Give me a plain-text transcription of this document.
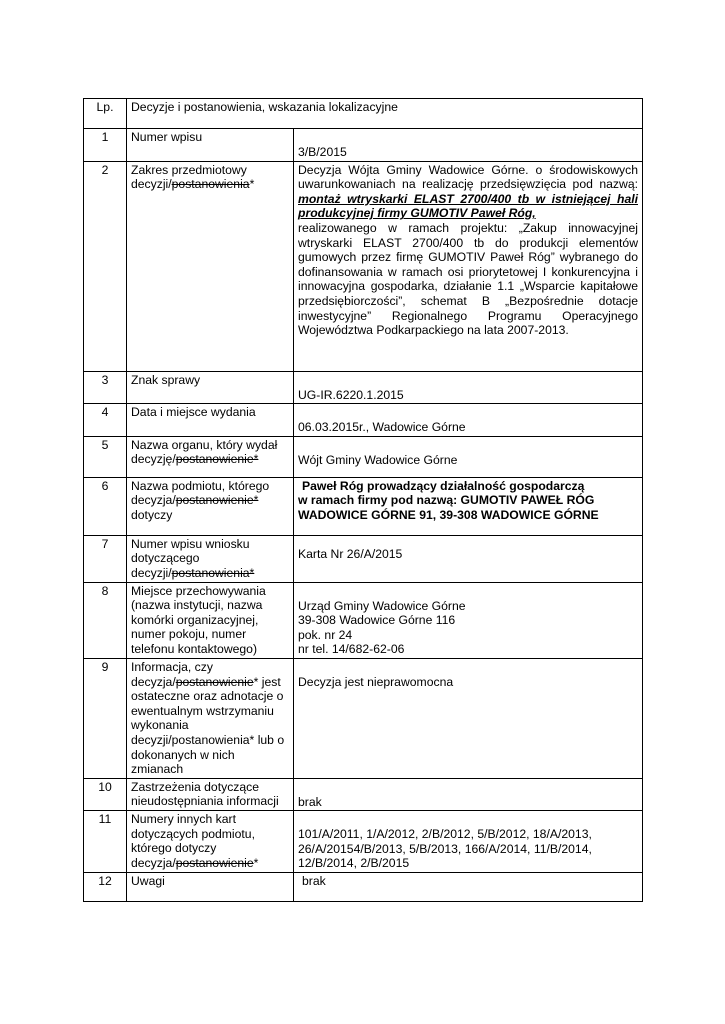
Lp.	Decyzje i postanowienia, wskazania lokalizacyjne	
1	Numer wpisu	3/B/2015

2	Zakres przedmiotowy decyzji/postanowienia*	Decyzja Wójta Gminy Wadowice Górne. o środowiskowych uwarunkowaniach na realizację przedsięwzięcia pod nazwą: montaż wtryskarki ELAST 2700/400 tb w istniejącej hali produkcyjnej firmy GUMOTIV Paweł Róg,
realizowanego w ramach projektu: „Zakup innowacyjnej wtryskarki ELAST 2700/400 tb do produkcji elementów gumowych przez firmę GUMOTIV Paweł Róg” wybranego do dofinansowania w ramach osi priorytetowej I konkurencyjna i innowacyjna gospodarka, działanie 1.1 „Wsparcie kapitałowe przedsiębiorczości”, schemat B „Bezpośrednie dotacje inwestycyjne” Regionalnego Programu Operacyjnego Województwa Podkarpackiego na lata 2007-2013.

3	Znak sprawy	UG-IR.6220.1.2015

4	Data i miejsce wydania	06.03.2015r., Wadowice Górne

5	Nazwa organu, który wydał decyzję/postanowienie*	Wójt Gminy Wadowice Górne

6	Nazwa podmiotu, którego decyzja/postanowienie* dotyczy	Paweł Róg prowadzący działalność gospodarczą
w ramach firmy pod nazwą: GUMOTIV PAWEŁ RÓG
WADOWICE GÓRNE 91, 39-308 WADOWICE GÓRNE

7	Numer wpisu wniosku dotyczącego decyzji/postanowienia*	Karta Nr 26/A/2015

8	Miejsce przechowywania (nazwa instytucji, nazwa komórki organizacyjnej, numer pokoju, numer telefonu kontaktowego)	Urząd Gminy Wadowice Górne
39-308 Wadowice Górne 116
pok. nr 24
nr tel. 14/682-62-06

9	Informacja, czy decyzja/postanowienie* jest ostateczne oraz adnotacje o ewentualnym wstrzymaniu wykonania decyzji/postanowienia* lub o dokonanych w nich zmianach	Decyzja jest nieprawomocna

10	Zastrzeżenia dotyczące nieudostępniania informacji	brak

11	Numery innych kart dotyczących podmiotu, którego dotyczy decyzja/postanowienie*	101/A/2011, 1/A/2012, 2/B/2012, 5/B/2012, 18/A/2013, 26/A/20154/B/2013, 5/B/2013, 166/A/2014, 11/B/2014, 12/B/2014, 2/B/2015

12	Uwagi	brak
